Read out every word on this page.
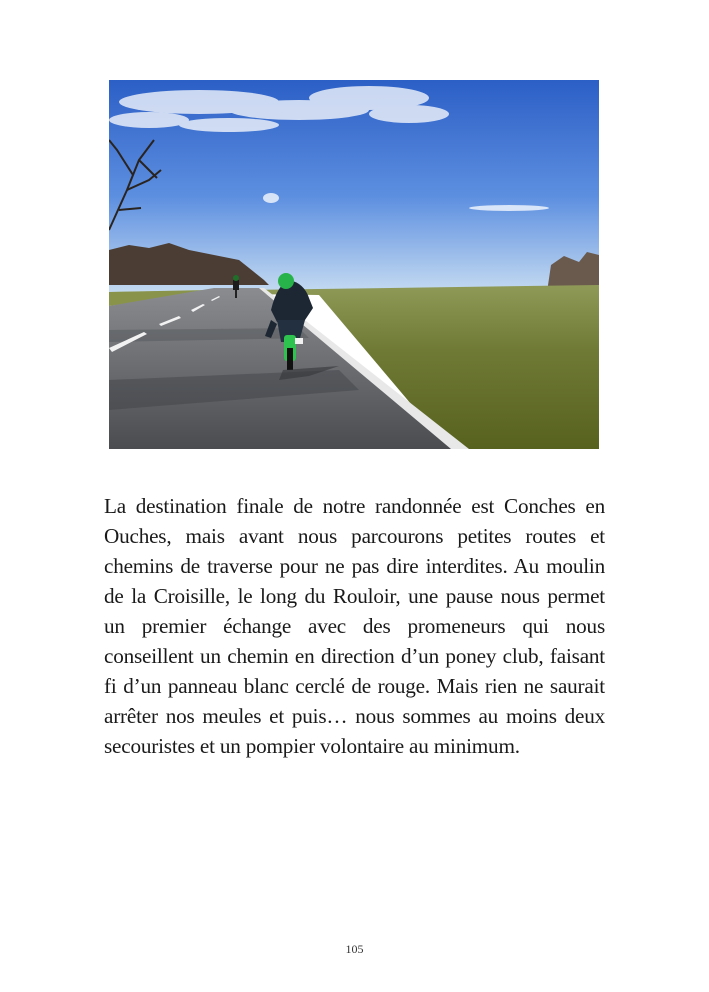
La destination finale de notre randonnée est Conches en Ouches, mais avant nous parcourons petites routes et chemins de traverse pour ne pas dire interdites. Au moulin de la Croisille, le long du Rouloir, une pause nous permet un premier échange avec des promeneurs qui nous conseillent un chemin en direction d’un poney club, faisant fi d’un panneau blanc cerclé de rouge. Mais rien ne saurait arrêter nos meules et puis… nous sommes au moins deux secouristes et un pompier volontaire au minimum.

105
